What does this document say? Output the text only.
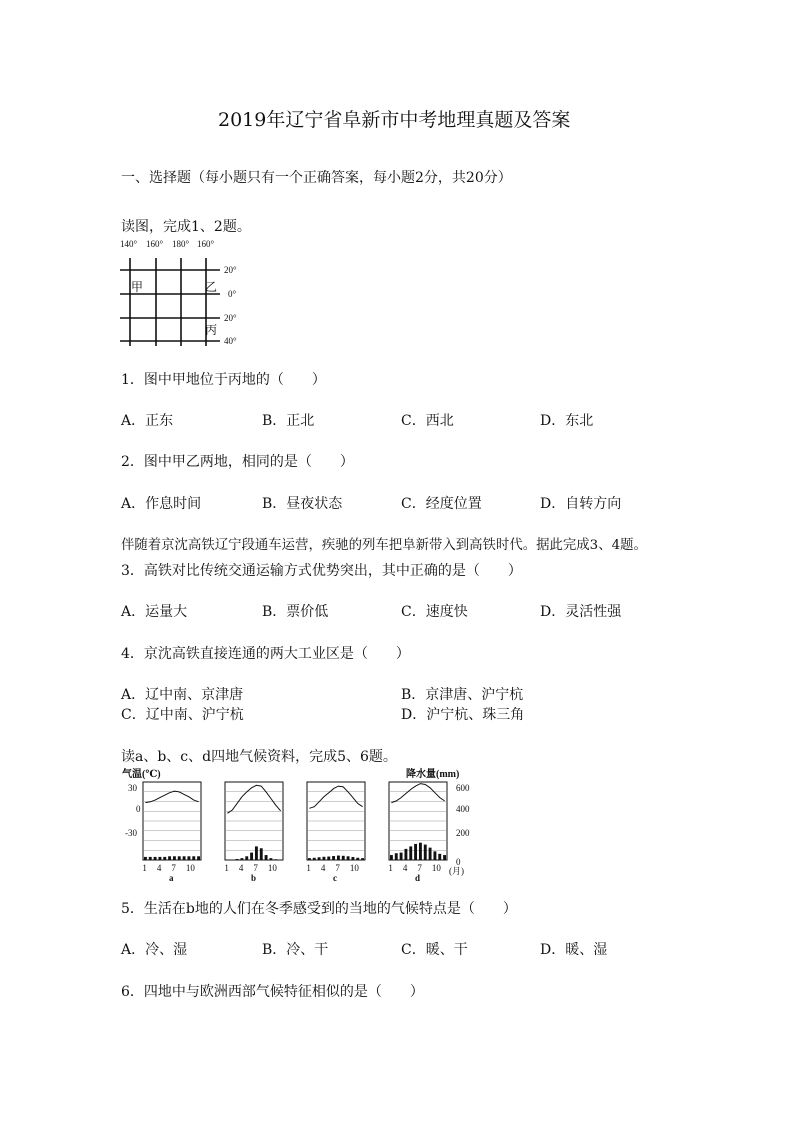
2019年辽宁省阜新市中考地理真题及答案
一、选择题（每小题只有一个正确答案，每小题2分，共20分）
读图，完成1、2题。
140° 160° 180° 160°
20°
0°
20°
40°
甲	乙
丙
1．图中甲地位于丙地的（　　）
A．正东	B．正北	C．西北	D．东北
2．图中甲乙两地，相同的是（　　）
A．作息时间	B．昼夜状态	C．经度位置	D．自转方向
伴随着京沈高铁辽宁段通车运营，疾驰的列车把阜新带入到高铁时代。据此完成3、4题。
3．高铁对比传统交通运输方式优势突出，其中正确的是（　　）
A．运量大	B．票价低	C．速度快	D．灵活性强
4．京沈高铁直接连通的两大工业区是（　　）
A．辽中南、京津唐	B．京津唐、沪宁杭
C．辽中南、沪宁杭	D．沪宁杭、珠三角
读a、b、c、d四地气候资料，完成5、6题。
气温(℃)	降水量(mm)
30
0
-30
600
400
200
0
(月)
1 4 7 10
a
1 4 7 10
b
1 4 7 10
c
1 4 7 10
d
5．生活在b地的人们在冬季感受到的当地的气候特点是（　　）
A．冷、湿	B．冷、干	C．暖、干	D．暖、湿
6．四地中与欧洲西部气候特征相似的是（　　）
